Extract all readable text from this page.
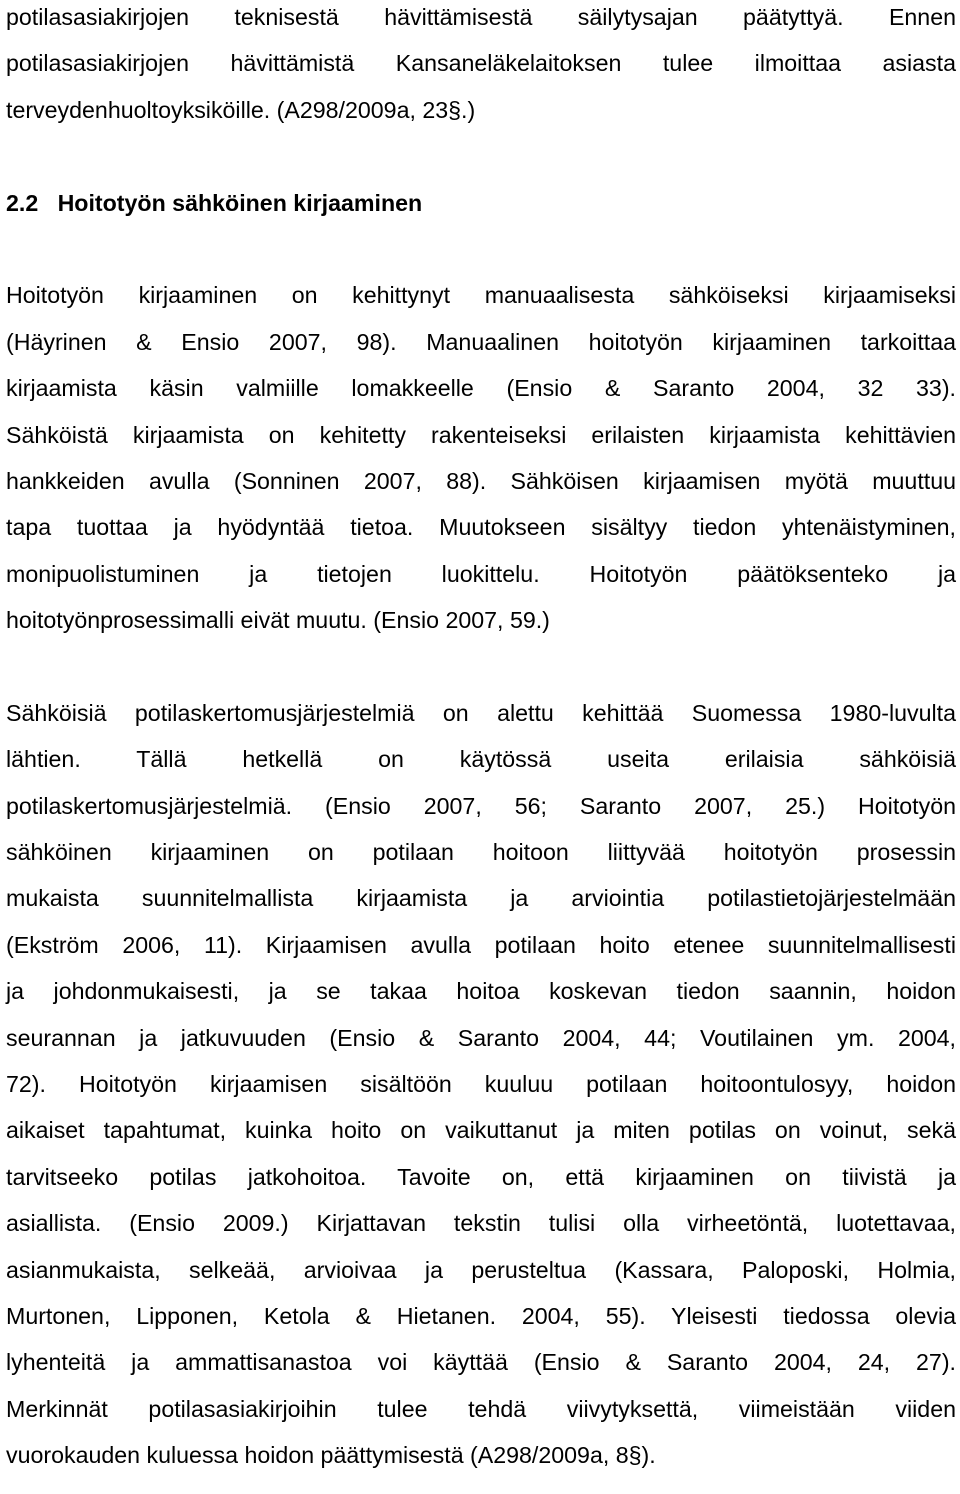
potilasasiakirjojen teknisestä hävittämisestä säilytysajan päätyttyä. Ennen
potilasasiakirjojen hävittämistä Kansaneläkelaitoksen tulee ilmoittaa asiasta
terveydenhuoltoyksiköille. (A298/2009a, 23§.)
2.2 Hoitotyön sähköinen kirjaaminen
Hoitotyön kirjaaminen on kehittynyt manuaalisesta sähköiseksi kirjaamiseksi
(Häyrinen & Ensio 2007, 98). Manuaalinen hoitotyön kirjaaminen tarkoittaa
kirjaamista käsin valmiille lomakkeelle (Ensio & Saranto 2004, 32 33).
Sähköistä kirjaamista on kehitetty rakenteiseksi erilaisten kirjaamista kehittävien
hankkeiden avulla (Sonninen 2007, 88). Sähköisen kirjaamisen myötä muuttuu
tapa tuottaa ja hyödyntää tietoa. Muutokseen sisältyy tiedon yhtenäistyminen,
monipuolistuminen ja tietojen luokittelu. Hoitotyön päätöksenteko ja
hoitotyönprosessimalli eivät muutu. (Ensio 2007, 59.)
Sähköisiä potilaskertomusjärjestelmiä on alettu kehittää Suomessa 1980-luvulta
lähtien. Tällä hetkellä on käytössä useita erilaisia sähköisiä
potilaskertomusjärjestelmiä. (Ensio 2007, 56; Saranto 2007, 25.) Hoitotyön
sähköinen kirjaaminen on potilaan hoitoon liittyvää hoitotyön prosessin
mukaista suunnitelmallista kirjaamista ja arviointia potilastietojärjestelmään
(Ekström 2006, 11). Kirjaamisen avulla potilaan hoito etenee suunnitelmallisesti
ja johdonmukaisesti, ja se takaa hoitoa koskevan tiedon saannin, hoidon
seurannan ja jatkuvuuden (Ensio & Saranto 2004, 44; Voutilainen ym. 2004,
72). Hoitotyön kirjaamisen sisältöön kuuluu potilaan hoitoontulosyy, hoidon
aikaiset tapahtumat, kuinka hoito on vaikuttanut ja miten potilas on voinut, sekä
tarvitseeko potilas jatkohoitoa. Tavoite on, että kirjaaminen on tiivistä ja
asiallista. (Ensio 2009.) Kirjattavan tekstin tulisi olla virheetöntä, luotettavaa,
asianmukaista, selkeää, arvioivaa ja perusteltua (Kassara, Paloposki, Holmia,
Murtonen, Lipponen, Ketola & Hietanen. 2004, 55). Yleisesti tiedossa olevia
lyhenteitä ja ammattisanastoa voi käyttää (Ensio & Saranto 2004, 24, 27).
Merkinnät potilasasiakirjoihin tulee tehdä viivytyksettä, viimeistään viiden
vuorokauden kuluessa hoidon päättymisestä (A298/2009a, 8§).
